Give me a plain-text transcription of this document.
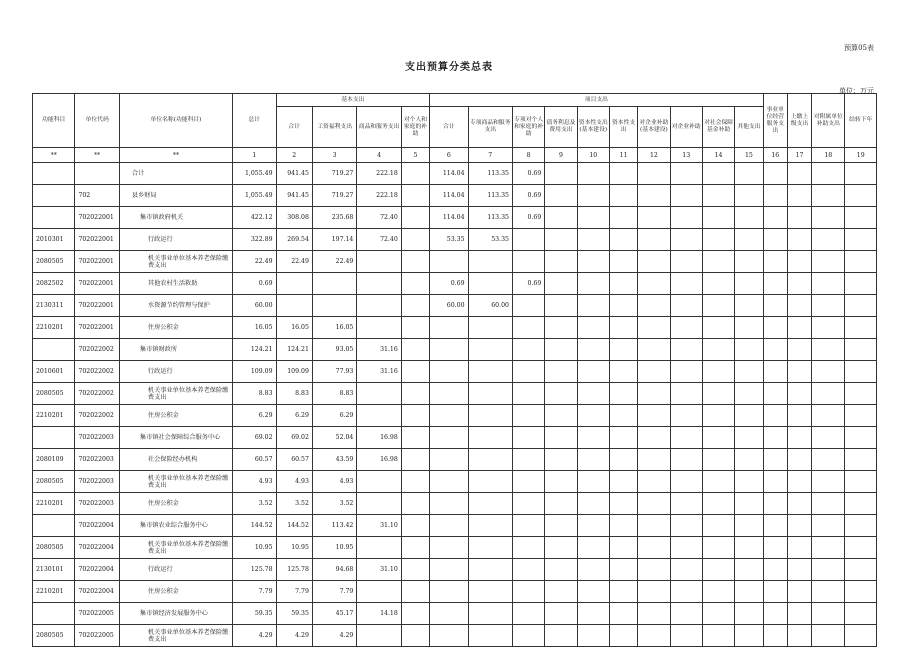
预算05表
支出预算分类总表
单位：万元
功能科目	单位代码	单位名称(功能科目)	总计	基本支出				项目支出										事业单位经营服务支出	上缴上级支出	对附属单位补助支出	结转下年
				合计	工资福利支出	商品和服务支出	对个人和家庭的补助	合计	专项商品和服务支出	专项对个人和家庭的补助	债务利息及费用支出	资本性支出(基本建设)	资本性支出	对企业补助(基本建设)	对企业补助	对社会保障基金补助	其他支出				
**	**	**	1	2	3	4	5	6	7	8	9	10	11	12	13	14	15	16	17	18	19
		合计	1,055.49	941.45	719.27	222.18		114.04	113.35	0.69											
	702	县乡财局	1,055.49	941.45	719.27	222.18		114.04	113.35	0.69											
	702022001	集市镇政府机关	422.12	308.08	235.68	72.40		114.04	113.35	0.69											
2010301	702022001	行政运行	322.89	269.54	197.14	72.40		53.35	53.35												
2080505	702022001	机关事业单位基本养老保险缴费支出	22.49	22.49	22.49																
2082502	702022001	其他农村生活救助	0.69					0.69		0.69											
2130311	702022001	水资源节约管理与保护	60.00					60.00	60.00												
2210201	702022001	住房公积金	16.05	16.05	16.05																
	702022002	集市镇财政所	124.21	124.21	93.05	31.16															
2010601	702022002	行政运行	109.09	109.09	77.93	31.16															
2080505	702022002	机关事业单位基本养老保险缴费支出	8.83	8.83	8.83																
2210201	702022002	住房公积金	6.29	6.29	6.29																
	702022003	集市镇社会保障综合服务中心	69.02	69.02	52.04	16.98															
2080109	702022003	社会保险经办机构	60.57	60.57	43.59	16.98															
2080505	702022003	机关事业单位基本养老保险缴费支出	4.93	4.93	4.93																
2210201	702022003	住房公积金	3.52	3.52	3.52																
	702022004	集市镇农业综合服务中心	144.52	144.52	113.42	31.10															
2080505	702022004	机关事业单位基本养老保险缴费支出	10.95	10.95	10.95																
2130101	702022004	行政运行	125.78	125.78	94.68	31.10															
2210201	702022004	住房公积金	7.79	7.79	7.79																
	702022005	集市镇经济发展服务中心	59.35	59.35	45.17	14.18															
2080505	702022005	机关事业单位基本养老保险缴费支出	4.29	4.29	4.29																
